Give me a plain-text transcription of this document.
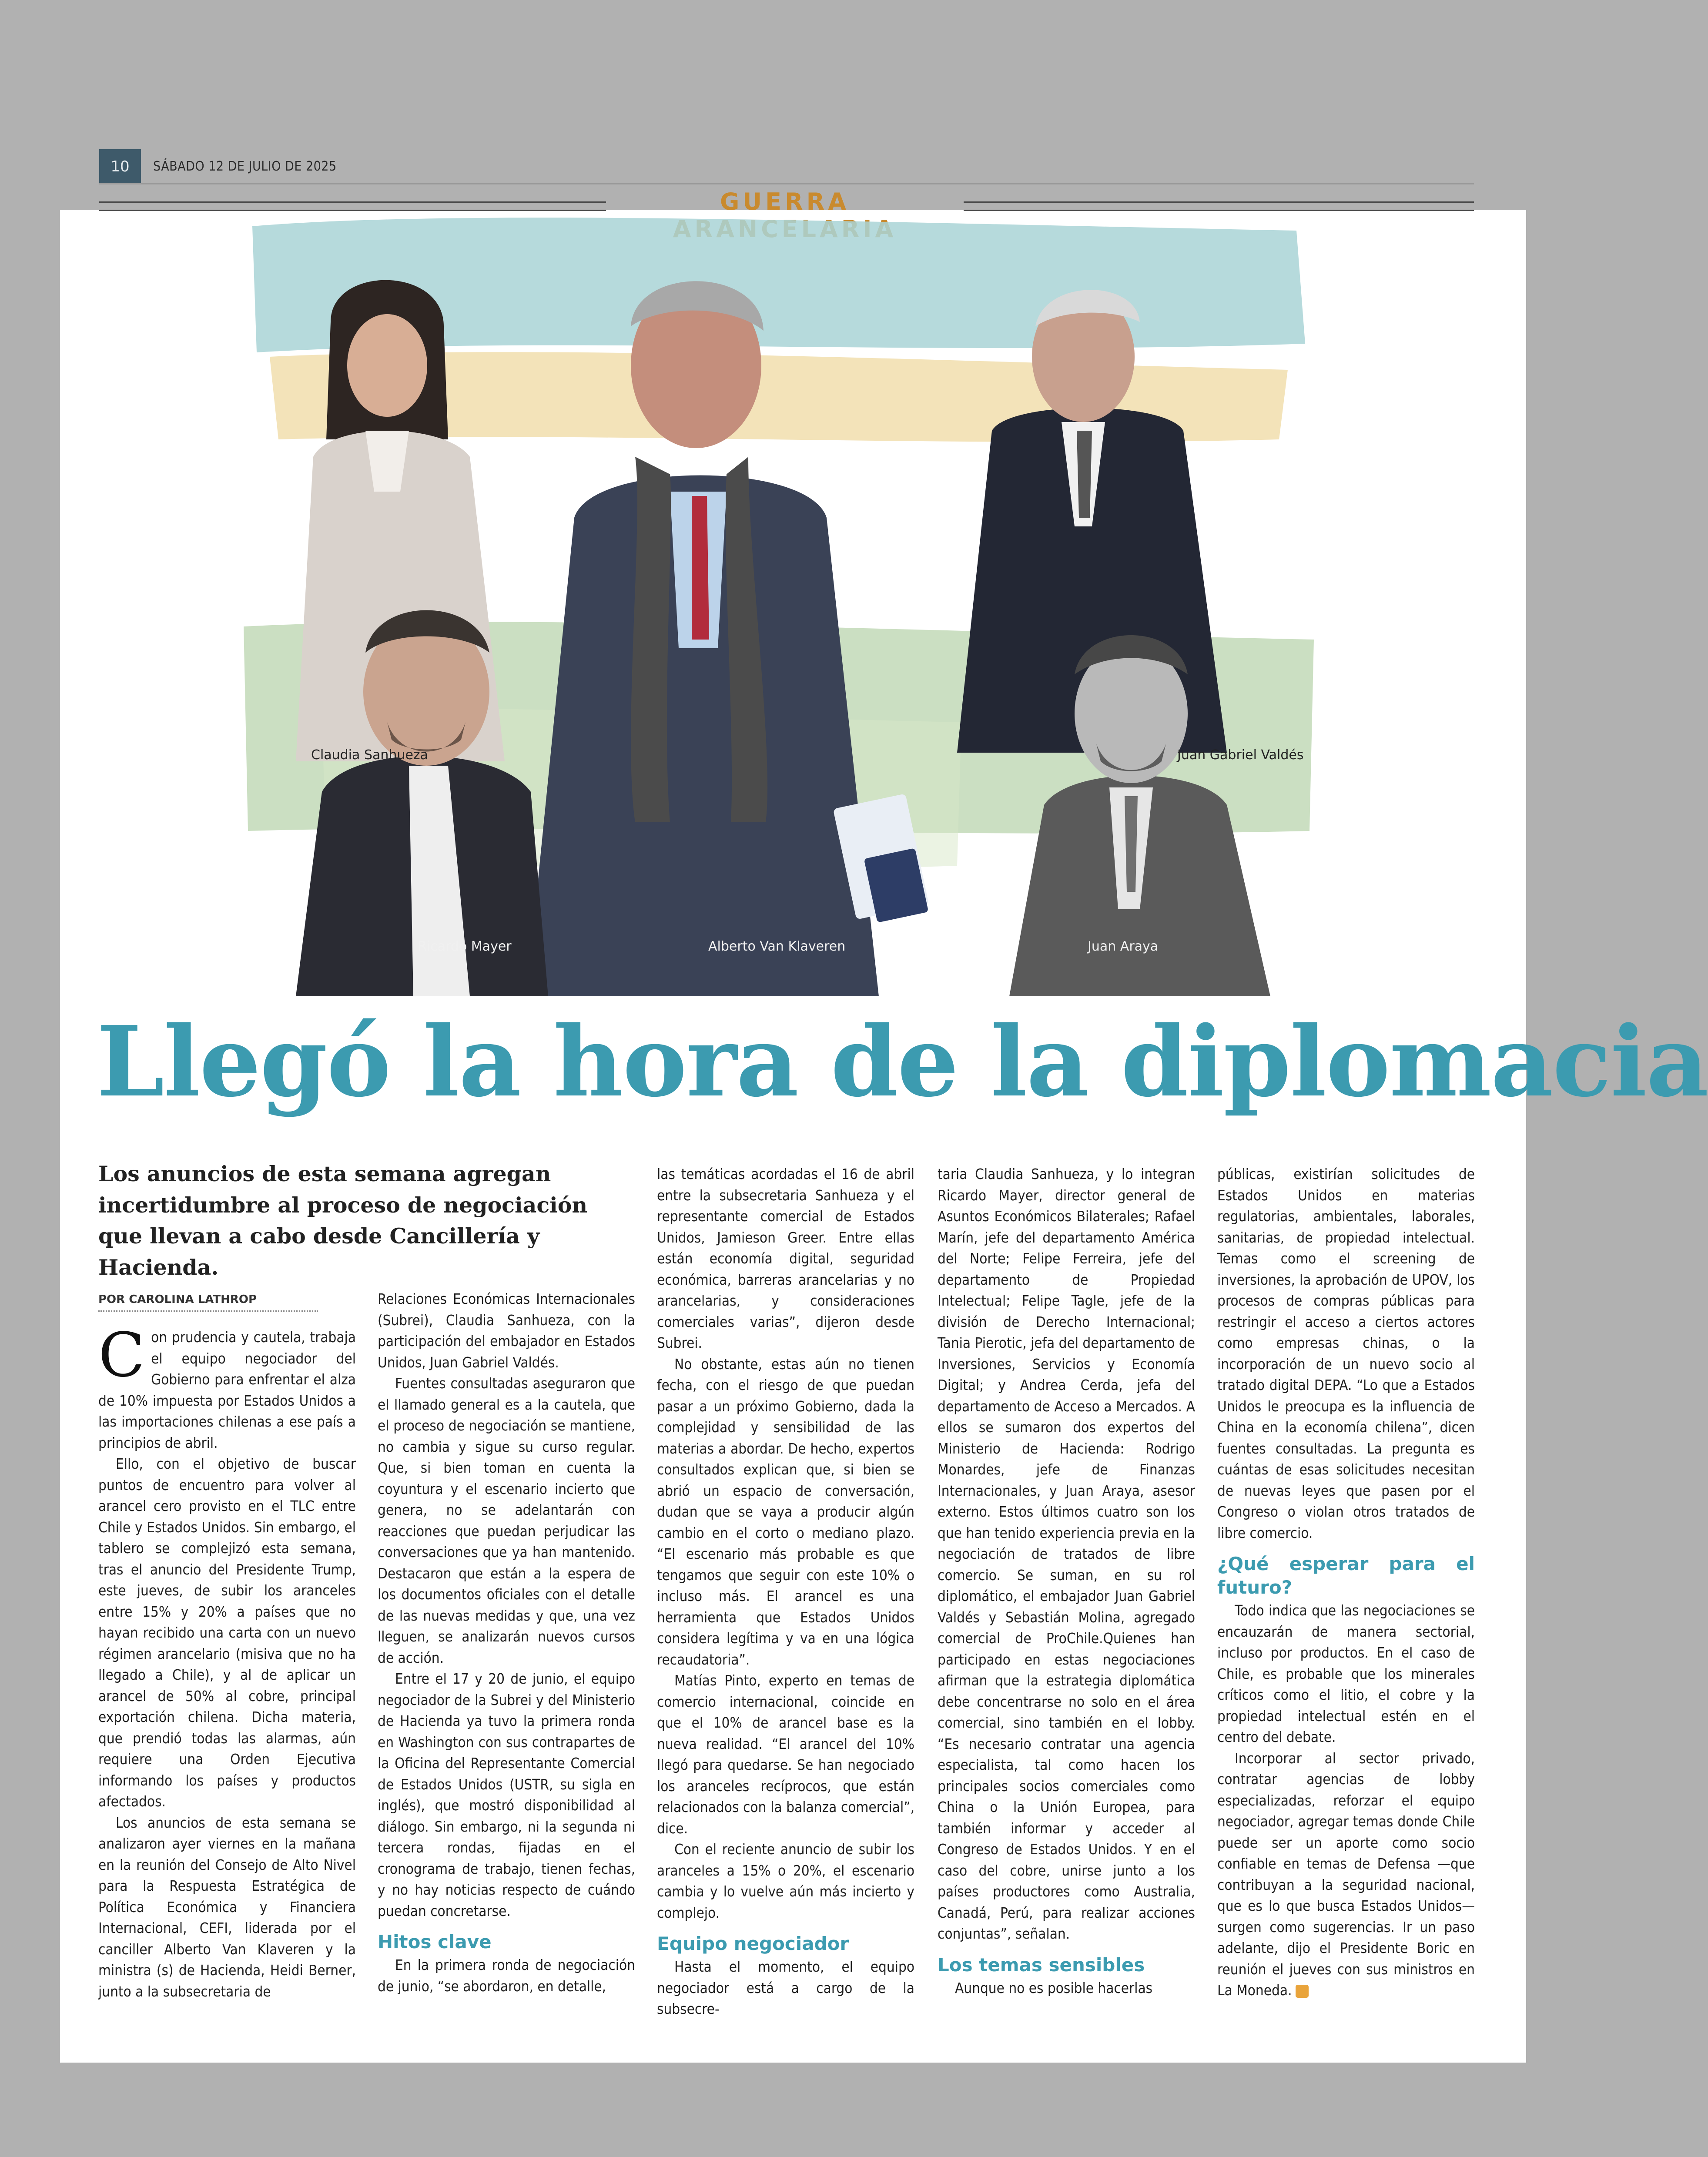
10	SÁBADO 12 DE JULIO DE 2025
GUERRA
Claudia Sanhueza
Ricardo Mayer	Alberto Van Klaveren
Juan Gabriel Valdés
Juan Araya
Llegó la hora de la diplomacia
Los anuncios de esta semana agregan incertidumbre al proceso de negociación que llevan a cabo desde Cancillería y Hacienda.
POR CAROLINA LATHROP

Con prudencia y cautela, trabaja el equipo negociador del Gobierno para enfrentar el alza de 10% impuesta por Estados Unidos a las importaciones chilenas a ese país a principios de abril.

Ello, con el objetivo de buscar puntos de encuentro para volver al arancel cero provisto en el TLC entre Chile y Estados Unidos. Sin embargo, el tablero se complejizó esta semana, tras el anuncio del Presidente Trump, este jueves, de subir los aranceles entre 15% y 20% a países que no hayan recibido una carta con un nuevo régimen arancelario (misiva que no ha llegado a Chile), y al de aplicar un arancel de 50% al cobre, principal exportación chilena. Dicha materia, que prendió todas las alarmas, aún requiere una Orden Ejecutiva informando los países y productos afectados.

Los anuncios de esta semana se analizaron ayer viernes en la mañana en la reunión del Consejo de Alto Nivel para la Respuesta Estratégica de Política Económica y Financiera Internacional, CEFI, liderada por el canciller Alberto Van Klaveren y la ministra (s) de Hacienda, Heidi Berner, junto a la subsecretaria de

Relaciones Económicas Internacionales (Subrei), Claudia Sanhueza, con la participación del embajador en Estados Unidos, Juan Gabriel Valdés.

Fuentes consultadas aseguraron que el llamado general es a la cautela, que el proceso de negociación se mantiene, no cambia y sigue su curso regular. Que, si bien toman en cuenta la coyuntura y el escenario incierto que genera, no se adelantarán con reacciones que puedan perjudicar las conversaciones que ya han mantenido. Destacaron que están a la espera de los documentos oficiales con el detalle de las nuevas medidas y que, una vez lleguen, se analizarán nuevos cursos de acción.

Entre el 17 y 20 de junio, el equipo negociador de la Subrei y del Ministerio de Hacienda ya tuvo la primera ronda en Washington con sus contrapartes de la Oficina del Representante Comercial de Estados Unidos (USTR, su sigla en inglés), que mostró disponibilidad al diálogo. Sin embargo, ni la segunda ni tercera rondas, fijadas en el cronograma de trabajo, tienen fechas, y no hay noticias respecto de cuándo puedan concretarse.

Hitos clave

En la primera ronda de negociación de junio, “se abordaron, en detalle,

las temáticas acordadas el 16 de abril entre la subsecretaria Sanhueza y el representante comercial de Estados Unidos, Jamieson Greer. Entre ellas están economía digital, seguridad económica, barreras arancelarias y no arancelarias, y consideraciones comerciales varias”, dijeron desde Subrei.

No obstante, estas aún no tienen fecha, con el riesgo de que puedan pasar a un próximo Gobierno, dada la complejidad y sensibilidad de las materias a abordar. De hecho, expertos consultados explican que, si bien se abrió un espacio de conversación, dudan que se vaya a producir algún cambio en el corto o mediano plazo. “El escenario más probable es que tengamos que seguir con este 10% o incluso más. El arancel es una herramienta que Estados Unidos considera legítima y va en una lógica recaudatoria”.

Matías Pinto, experto en temas de comercio internacional, coincide en que el 10% de arancel base es la nueva realidad. “El arancel del 10% llegó para quedarse. Se han negociado los aranceles recíprocos, que están relacionados con la balanza comercial”, dice.

Con el reciente anuncio de subir los aranceles a 15% o 20%, el escenario cambia y lo vuelve aún más incierto y complejo.

Equipo negociador

Hasta el momento, el equipo negociador está a cargo de la subsecre-

taria Claudia Sanhueza, y lo integran Ricardo Mayer, director general de Asuntos Económicos Bilaterales; Rafael Marín, jefe del departamento América del Norte; Felipe Ferreira, jefe del departamento de Propiedad Intelectual; Felipe Tagle, jefe de la división de Derecho Internacional; Tania Pierotic, jefa del departamento de Inversiones, Servicios y Economía Digital; y Andrea Cerda, jefa del departamento de Acceso a Mercados. A ellos se sumaron dos expertos del Ministerio de Hacienda: Rodrigo Monardes, jefe de Finanzas Internacionales, y Juan Araya, asesor externo. Estos últimos cuatro son los que han tenido experiencia previa en la negociación de tratados de libre comercio. Se suman, en su rol diplomático, el embajador Juan Gabriel Valdés y Sebastián Molina, agregado comercial de ProChile.Quienes han participado en estas negociaciones afirman que la estrategia diplomática debe concentrarse no solo en el área comercial, sino también en el lobby. “Es necesario contratar una agencia especialista, tal como hacen los principales socios comerciales como China o la Unión Europea, para también informar y acceder al Congreso de Estados Unidos. Y en el caso del cobre, unirse junto a los países productores como Australia, Canadá, Perú, para realizar acciones conjuntas”, señalan.

Los temas sensibles

Aunque no es posible hacerlas

públicas, existirían solicitudes de Estados Unidos en materias regulatorias, ambientales, laborales, sanitarias, de propiedad intelectual. Temas como el screening de inversiones, la aprobación de UPOV, los procesos de compras públicas para restringir el acceso a ciertos actores como empresas chinas, o la incorporación de un nuevo socio al tratado digital DEPA. “Lo que a Estados Unidos le preocupa es la influencia de China en la economía chilena”, dicen fuentes consultadas. La pregunta es cuántas de esas solicitudes necesitan de nuevas leyes que pasen por el Congreso o violan otros tratados de libre comercio.

¿Qué esperar para el futuro?

Todo indica que las negociaciones se encauzarán de manera sectorial, incluso por productos. En el caso de Chile, es probable que los minerales críticos como el litio, el cobre y la propiedad intelectual estén en el centro del debate.

Incorporar al sector privado, contratar agencias de lobby especializadas, reforzar el equipo negociador, agregar temas donde Chile puede ser un aporte como socio confiable en temas de Defensa —que contribuyan a la seguridad nacional, que es lo que busca Estados Unidos— surgen como sugerencias. Ir un paso adelante, dijo el Presidente Boric en reunión el jueves con sus ministros en La Moneda.
